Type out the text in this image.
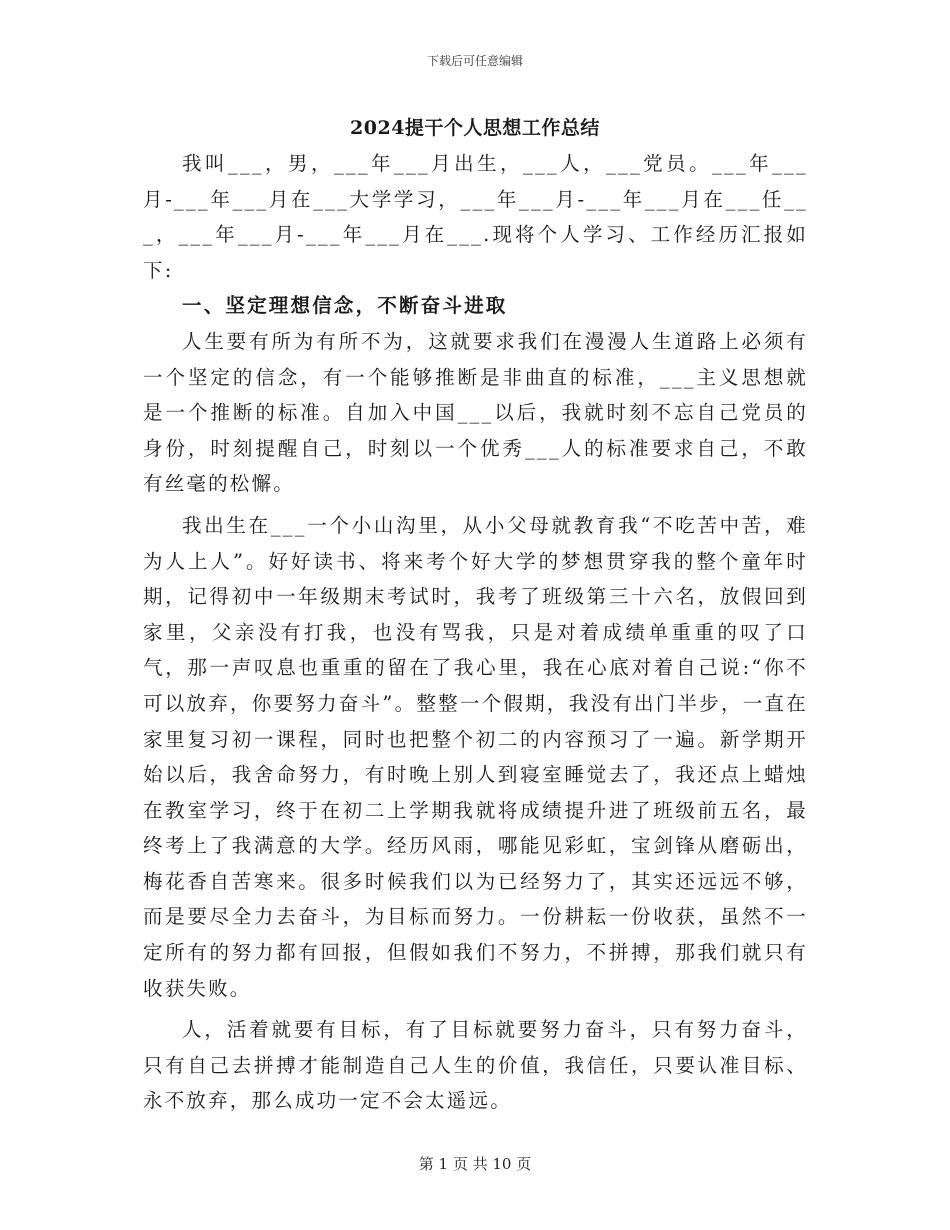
下载后可任意编辑
2024提干个人思想工作总结

我叫___，男，___年___月出生，___人，___党员。___年___月-___年___月在___大学学习，___年___月-___年___月在___任___，___年___月-___年___月在___.现将个人学习、工作经历汇报如下:

一、坚定理想信念，不断奋斗进取

人生要有所为有所不为，这就要求我们在漫漫人生道路上必须有一个坚定的信念，有一个能够推断是非曲直的标准，___主义思想就是一个推断的标准。自加入中国___以后，我就时刻不忘自己党员的身份，时刻提醒自己，时刻以一个优秀___人的标准要求自己，不敢有丝毫的松懈。

我出生在___一个小山沟里，从小父母就教育我“不吃苦中苦，难为人上人”。好好读书、将来考个好大学的梦想贯穿我的整个童年时期，记得初中一年级期末考试时，我考了班级第三十六名，放假回到家里，父亲没有打我，也没有骂我，只是对着成绩单重重的叹了口气，那一声叹息也重重的留在了我心里，我在心底对着自己说:“你不可以放弃，你要努力奋斗”。整整一个假期，我没有出门半步，一直在家里复习初一课程，同时也把整个初二的内容预习了一遍。新学期开始以后，我舍命努力，有时晚上别人到寝室睡觉去了，我还点上蜡烛在教室学习，终于在初二上学期我就将成绩提升进了班级前五名，最终考上了我满意的大学。经历风雨，哪能见彩虹，宝剑锋从磨砺出，梅花香自苦寒来。很多时候我们以为已经努力了，其实还远远不够，而是要尽全力去奋斗，为目标而努力。一份耕耘一份收获，虽然不一定所有的努力都有回报，但假如我们不努力，不拼搏，那我们就只有收获失败。

人，活着就要有目标，有了目标就要努力奋斗，只有努力奋斗，只有自己去拼搏才能制造自己人生的价值，我信任，只要认准目标、永不放弃，那么成功一定不会太遥远。

第 1 页 共 10 页
